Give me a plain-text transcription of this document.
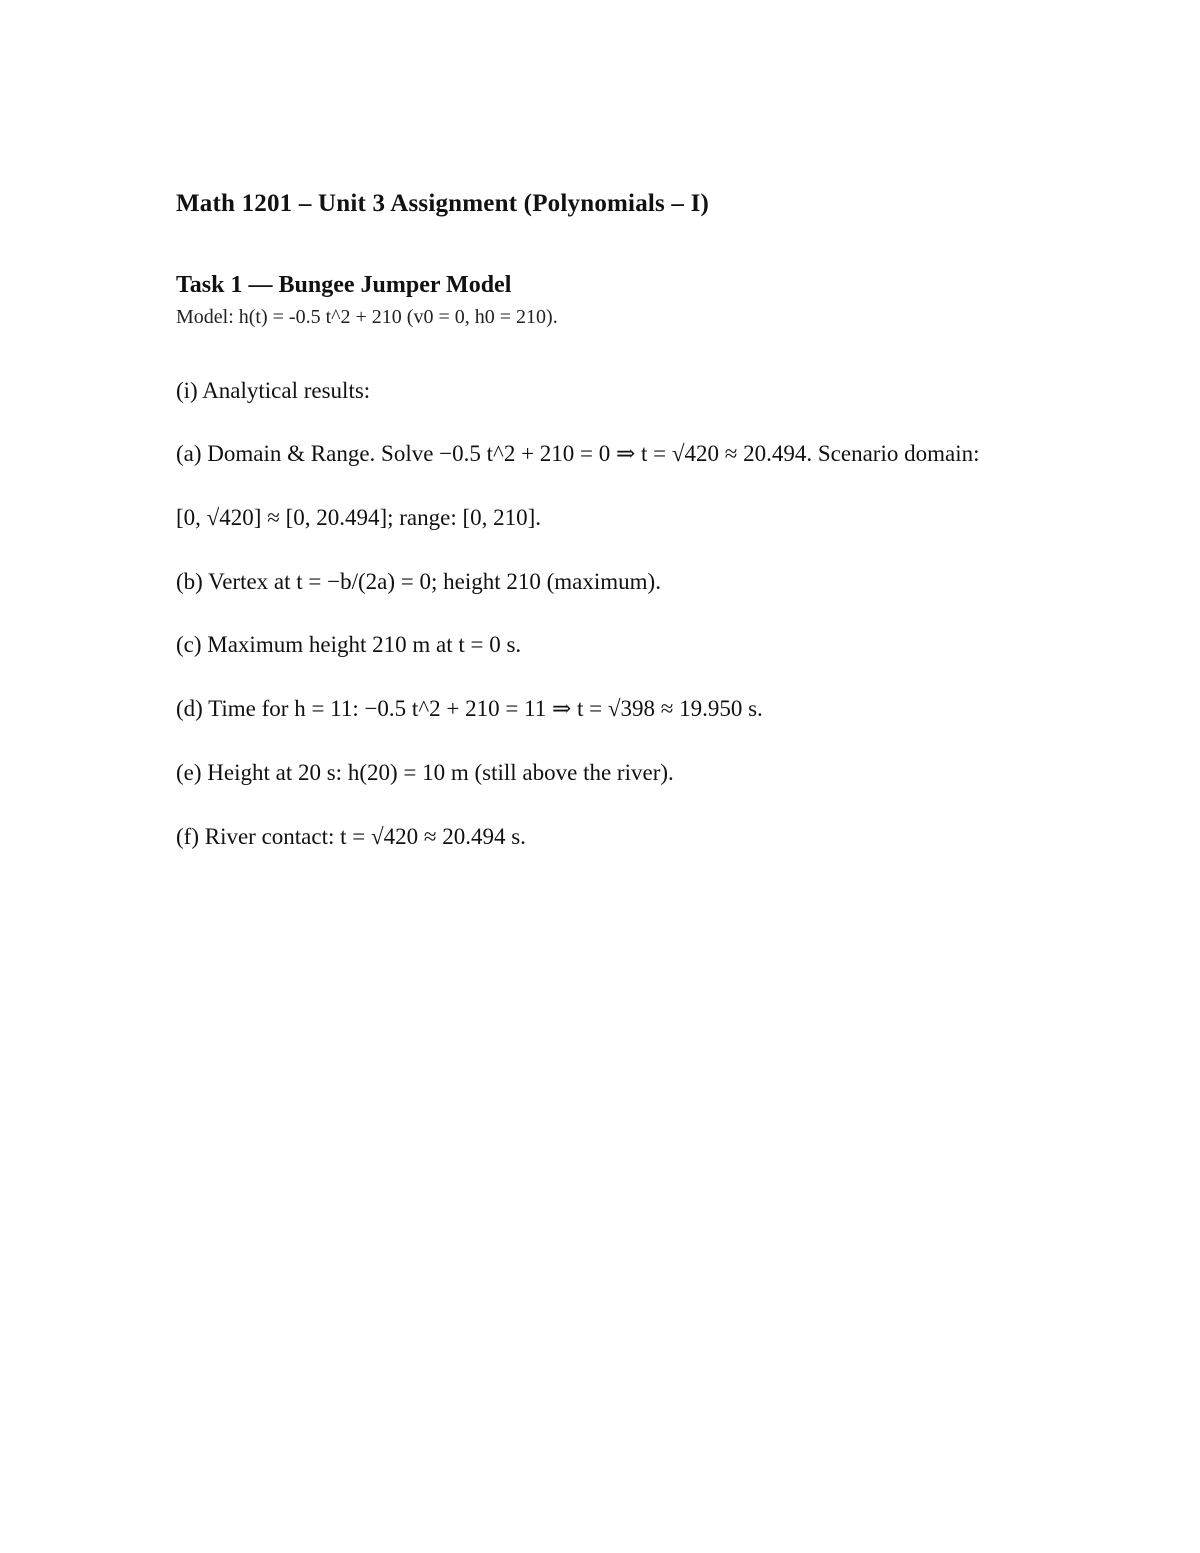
Math 1201 – Unit 3 Assignment (Polynomials – I)
Task 1 — Bungee Jumper Model

Model: h(t) = -0.5 t^2 + 210 (v0 = 0, h0 = 210).

(i) Analytical results:

(a) Domain & Range. Solve −0.5 t^2 + 210 = 0 ⇒ t = √420 ≈ 20.494. Scenario domain:

[0, √420] ≈ [0, 20.494]; range: [0, 210].

(b) Vertex at t = −b/(2a) = 0; height 210 (maximum).

(c) Maximum height 210 m at t = 0 s.

(d) Time for h = 11: −0.5 t^2 + 210 = 11 ⇒ t = √398 ≈ 19.950 s.

(e) Height at 20 s: h(20) = 10 m (still above the river).

(f) River contact: t = √420 ≈ 20.494 s.
